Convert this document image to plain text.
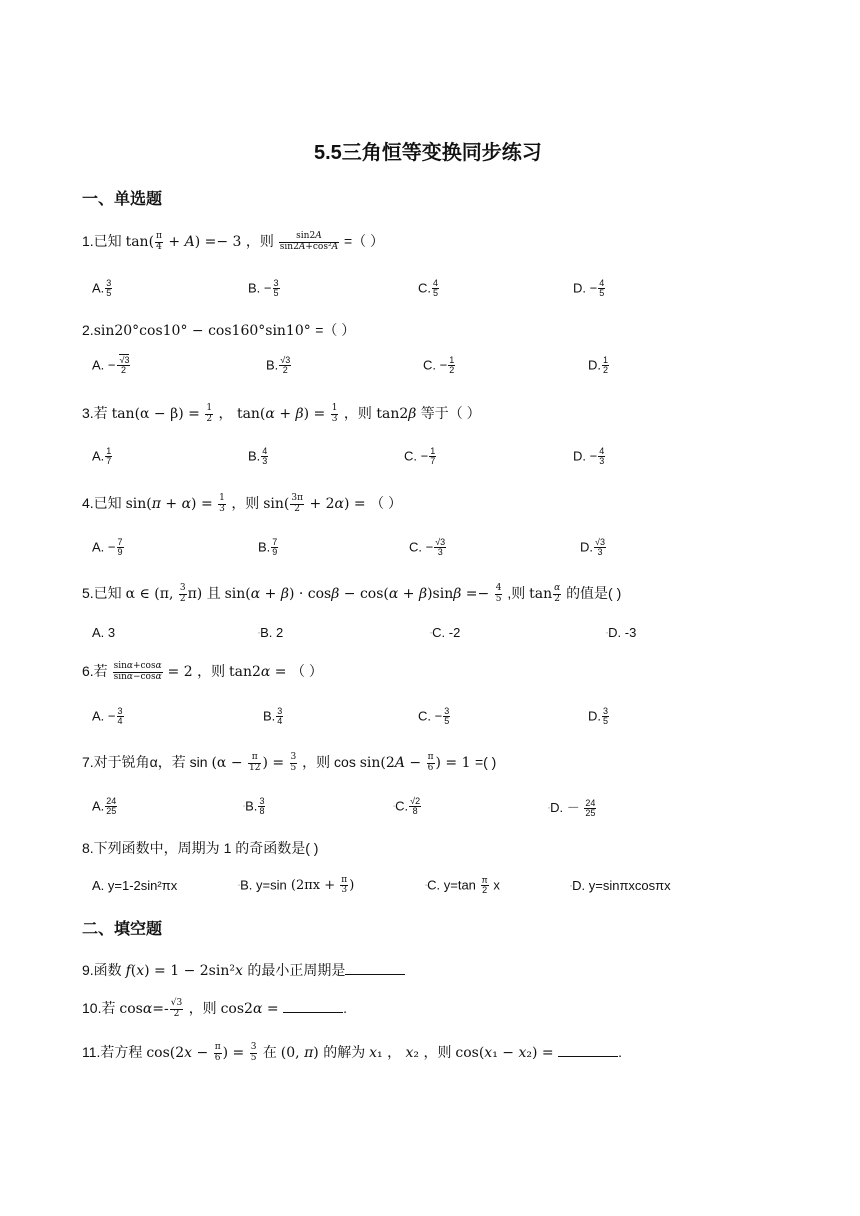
5.5三角恒等变换同步练习
一、单选题
1.已知 $\tan( \frac{\pi}{4} + A) =- 3$ ，则 $\frac{\sin 2A}{\text{sin2A+cos²A}}$ =（ ）
A. $\frac{3}{5}$	B. − $\frac{3}{5}$	C. $\frac{4}{5}$	D. − $\frac{4}{5}$
2.sin20°cos10° − cos160°sin10° =（ ）
A. − $\frac{√3}{2}$	B. $\frac{√3}{2}$	C. − $\frac{1}{2}$	D. $\frac{1}{2}$
3.若 $\tan(\alpha - \beta) = \frac{1}{2}$ ， $\tan(\alpha + \beta) = \frac{1}{3}$ ，则 tan2β 等于（ ）
A. $\frac{1}{7}$	B. $\frac{4}{3}$	C. − $\frac{1}{7}$	D. − $\frac{4}{3}$
4.已知 $\sin(\pi + \alpha) = \frac{1}{3}$ ，则 $\sin( \frac{3\pi}{2} + 2\alpha)$ = （ ）
A. − $\frac{7}{9}$	B. $\frac{7}{9}$	C. − $\frac{√3}{3}$	D. $\frac{√3}{3}$
5.已知 α ∈ (π, $\frac{3}{2} \pi$) 且 $\sin(\alpha + \beta) \cdot \cos\beta - \cos(\alpha + \beta)\sin\beta =- \frac{4}{5}$ ,则 $\tan \frac{\alpha}{2}$ 的值是( )
A. 3	▫B. 2	▫C. -2	▫D. -3
6.若 $\frac{\sin\alpha+\cos\alpha}{\sin\alpha-\cos\alpha} = 2$ ，则 tan2α = （ ）
A. − $\frac{3}{4}$	B. $\frac{3}{4}$	C. − $\frac{3}{5}$	D. $\frac{3}{5}$
7.对于锐角α，若 $\sin (\alpha - \frac{\pi}{12}$ ) = $\frac{3}{5}$ ，则 $\cos \sin(2A - \frac{\pi}{6}$ ) = 1 =( )
A. $\frac{24}{25}$	▫B. $\frac{3}{8}$	▫C. $\frac{√2}{8}$	▫D. － $\frac{24}{25}$
8.下列函数中，周期为 1 的奇函数是( )
A. y=1-2sin²πx	▫B. y=sin ($2\pi x + \frac{\pi}{3}$ )	▫C. $y=\tan \frac{\pi}{2}$ x	▫D. y=sinπxcosπx
二、填空题
9.函数 f(x) = 1 − 2sin²x 的最小正周期是
10.若 $\cos\alpha=- \frac{√3}{2}$ ，则 cos2α =	.
11.若方程 $\cos(2x - \frac{\pi}{6}$ ) = $\frac{3}{5}$ 在 (0, π) 的解为 x₁ ， x₂ ，则 cos(x₁ − x₂) =	.
